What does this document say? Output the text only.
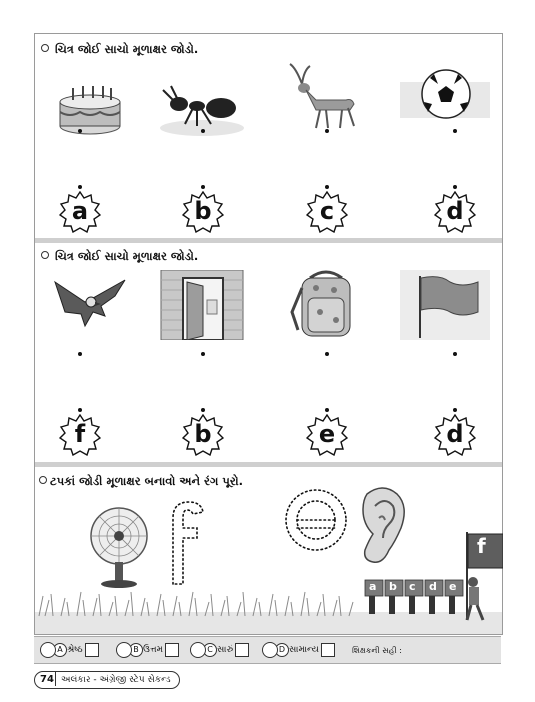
ચિત્ર જોઈ સાચો મૂળાક્ષર જોડો.
a	b	c	d
ચિત્ર જોઈ સાચો મૂળાક્ષર જોડો.
f	b	e	d
ટપકાં જોડી મૂળાક્ષર બનાવો અને રંગ પૂરો.
a b c d e
f
A શ્રેષ્ઠ	B ઉત્તમ	C સારું	D સામાન્ય	શિક્ષકની સહી :
74 અલંકાર - અંગ્રેજી સ્ટેપ સેકન્ડ
